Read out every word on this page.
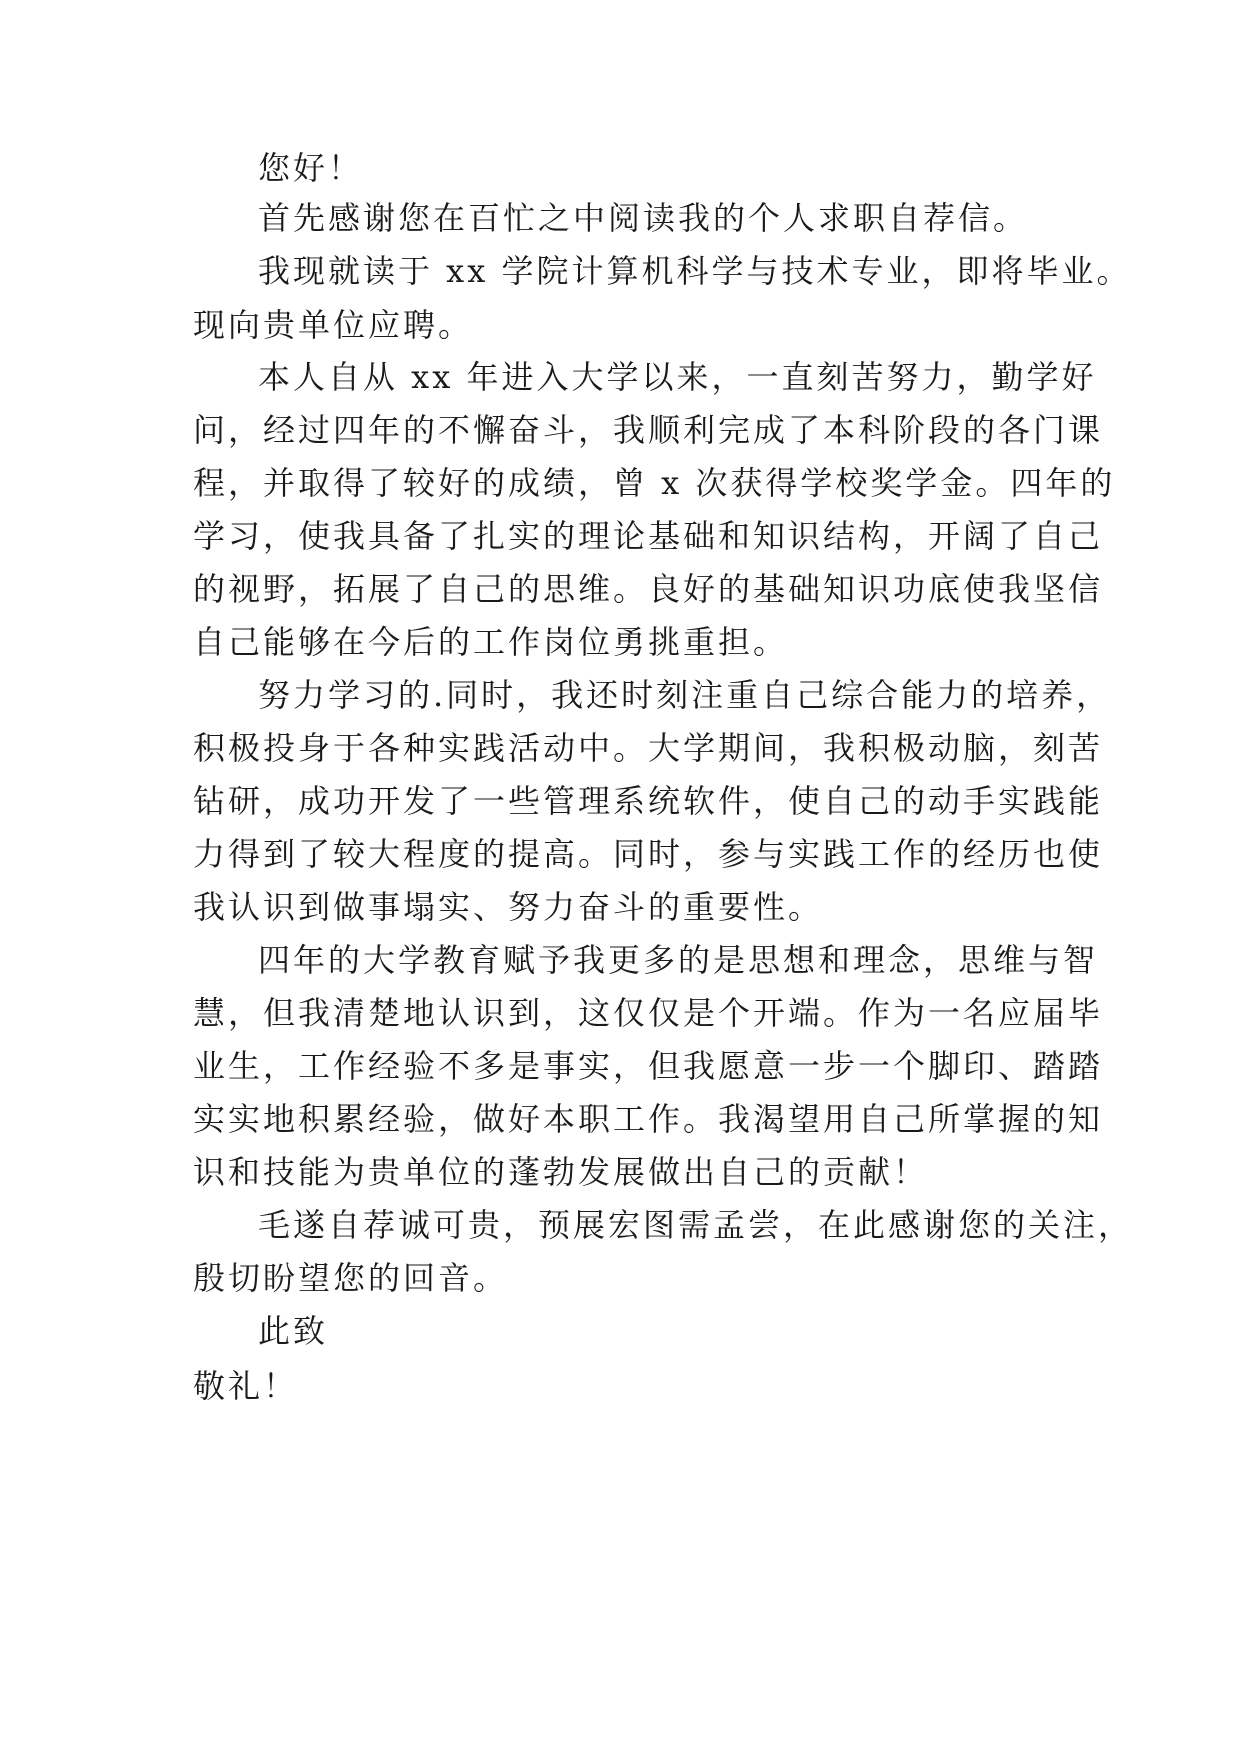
您好！
首先感谢您在百忙之中阅读我的个人求职自荐信。
我现就读于 xx 学院计算机科学与技术专业，即将毕业。
现向贵单位应聘。
本人自从 xx 年进入大学以来，一直刻苦努力，勤学好
问，经过四年的不懈奋斗，我顺利完成了本科阶段的各门课
程，并取得了较好的成绩，曾 x 次获得学校奖学金。四年的
学习，使我具备了扎实的理论基础和知识结构，开阔了自己
的视野，拓展了自己的思维。良好的基础知识功底使我坚信
自己能够在今后的工作岗位勇挑重担。
努力学习的.同时，我还时刻注重自己综合能力的培养，
积极投身于各种实践活动中。大学期间，我积极动脑，刻苦
钻研，成功开发了一些管理系统软件，使自己的动手实践能
力得到了较大程度的提高。同时，参与实践工作的经历也使
我认识到做事塌实、努力奋斗的重要性。
四年的大学教育赋予我更多的是思想和理念，思维与智
慧，但我清楚地认识到，这仅仅是个开端。作为一名应届毕
业生，工作经验不多是事实，但我愿意一步一个脚印、踏踏
实实地积累经验，做好本职工作。我渴望用自己所掌握的知
识和技能为贵单位的蓬勃发展做出自己的贡献！
毛遂自荐诚可贵，预展宏图需孟尝，在此感谢您的关注，
殷切盼望您的回音。
此致
敬礼！
